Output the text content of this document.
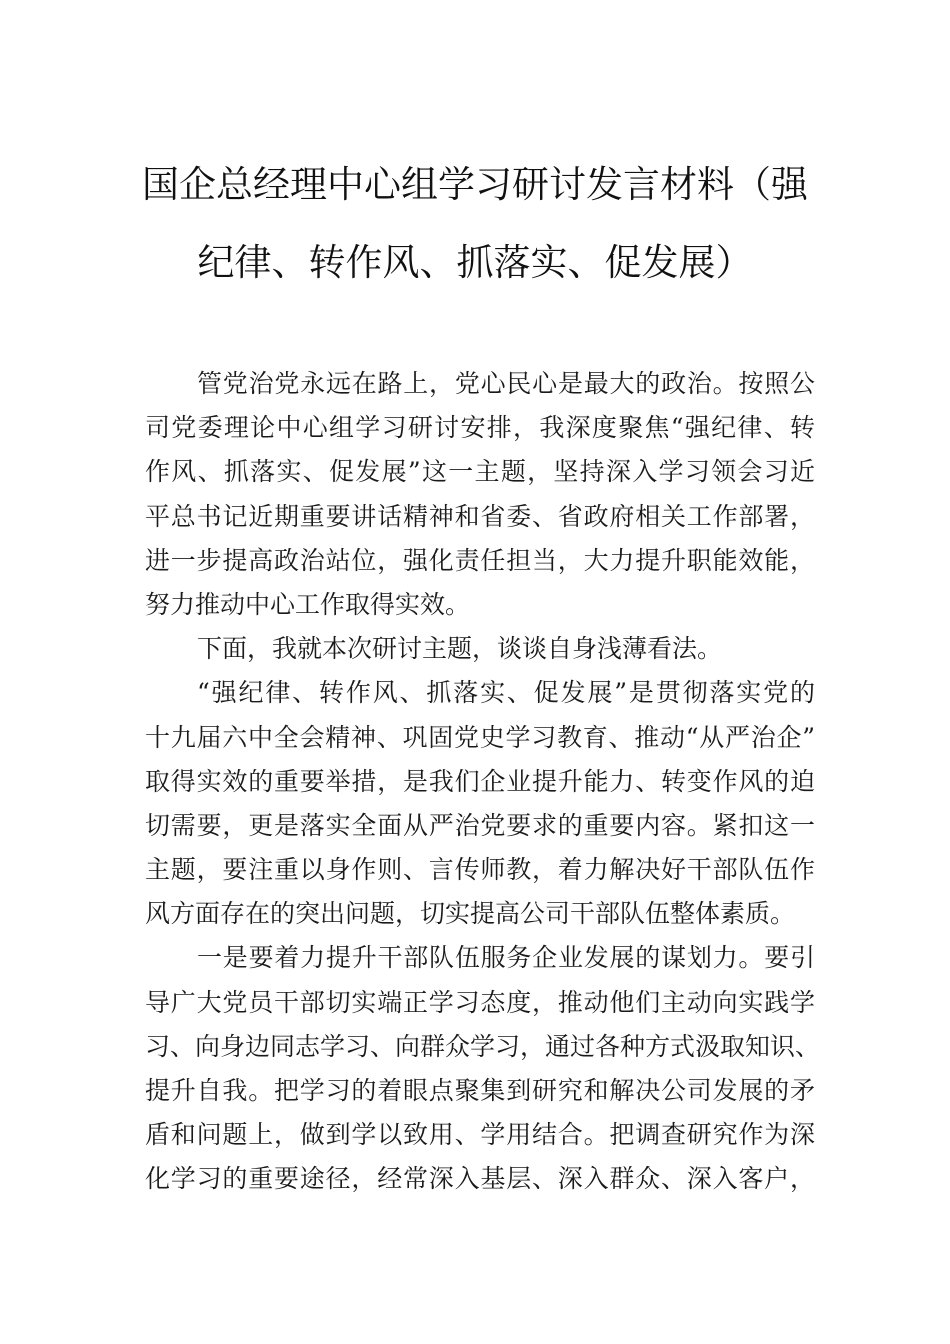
国企总经理中心组学习研讨发言材料（强
纪律、转作风、抓落实、促发展）
管党治党永远在路上，党心民心是最大的政治。按照公
司党委理论中心组学习研讨安排，我深度聚焦“强纪律、转
作风、抓落实、促发展”这一主题，坚持深入学习领会习近
平总书记近期重要讲话精神和省委、省政府相关工作部署，
进一步提高政治站位，强化责任担当，大力提升职能效能，
努力推动中心工作取得实效。
下面，我就本次研讨主题，谈谈自身浅薄看法。
“强纪律、转作风、抓落实、促发展”是贯彻落实党的
十九届六中全会精神、巩固党史学习教育、推动“从严治企”
取得实效的重要举措，是我们企业提升能力、转变作风的迫
切需要，更是落实全面从严治党要求的重要内容。紧扣这一
主题，要注重以身作则、言传师教，着力解决好干部队伍作
风方面存在的突出问题，切实提高公司干部队伍整体素质。
一是要着力提升干部队伍服务企业发展的谋划力。要引
导广大党员干部切实端正学习态度，推动他们主动向实践学
习、向身边同志学习、向群众学习，通过各种方式汲取知识、
提升自我。把学习的着眼点聚集到研究和解决公司发展的矛
盾和问题上，做到学以致用、学用结合。把调查研究作为深
化学习的重要途径，经常深入基层、深入群众、深入客户，
